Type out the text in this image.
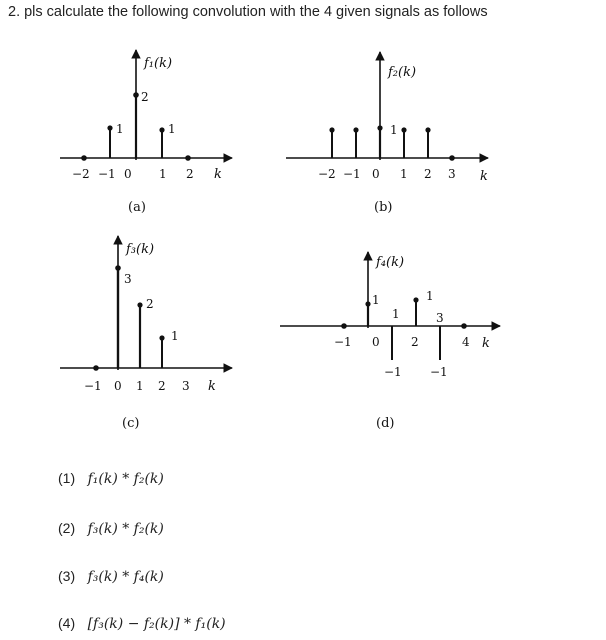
2. pls calculate the following convolution with the 4 given signals as follows
f₁(k)
1
2
1
−2 −1 0 1 2 k
(a)
f₂(k)
1
−2 −1 0 1 2 3 k
(b)
f₃(k)
3
2
1
−1 0 1 2 3 k
(c)
f₄(k)
1
1
−1
1
3
−1
−1 0	2	4 k
(d)
(1) f₁(k) * f₂(k)
(2) f₃(k) * f₂(k)
(3) f₃(k) * f₄(k)
(4) [f₃(k) − f₂(k)] * f₁(k)
